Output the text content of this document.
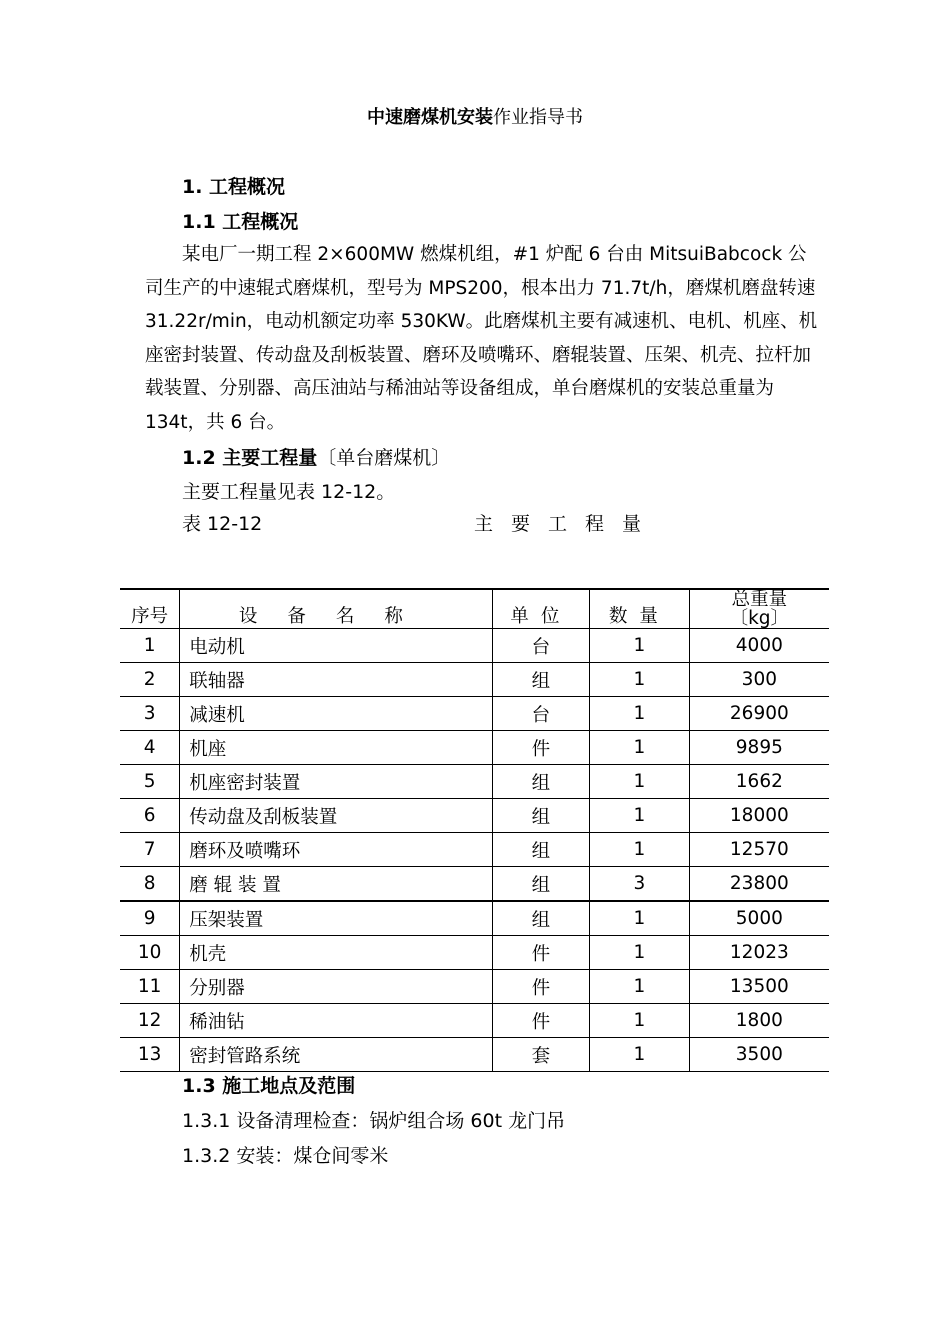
中速磨煤机安装作业指导书
1. 工程概况
1.1 工程概况
某电厂一期工程 2×600MW 燃煤机组，#1 炉配 6 台由 MitsuiBabcock 公司生产的中速辊式磨煤机，型号为 MPS200，根本出力 71.7t/h，磨煤机磨盘转速 31.22r/min，电动机额定功率 530KW。此磨煤机主要有减速机、电机、机座、机座密封装置、传动盘及刮板装置、磨环及喷嘴环、磨辊装置、压架、机壳、拉杆加载装置、分别器、高压油站与稀油站等设备组成，单台磨煤机的安装总重量为 134t，共 6 台。
1.2 主要工程量〔单台磨煤机〕
主要工程量见表 12-12。
表 12-12	主要工程量
序号	设备名称	单位	数量	总重量
〔kg〕

1	电动机	台	1	4000
2	联轴器	组	1	300
3	减速机	台	1	26900
4	机座	件	1	9895
5	机座密封装置	组	1	1662
6	传动盘及刮板装置	组	1	18000
7	磨环及喷嘴环	组	1	12570
8	磨 辊 装 置	组	3	23800
9	压架装置	组	1	5000
10	机壳	件	1	12023
11	分别器	件	1	13500
12	稀油钻	件	1	1800
13	密封管路系统	套	1	3500
1.3 施工地点及范围
1.3.1 设备清理检查：锅炉组合场 60t 龙门吊
1.3.2 安装：煤仓间零米
